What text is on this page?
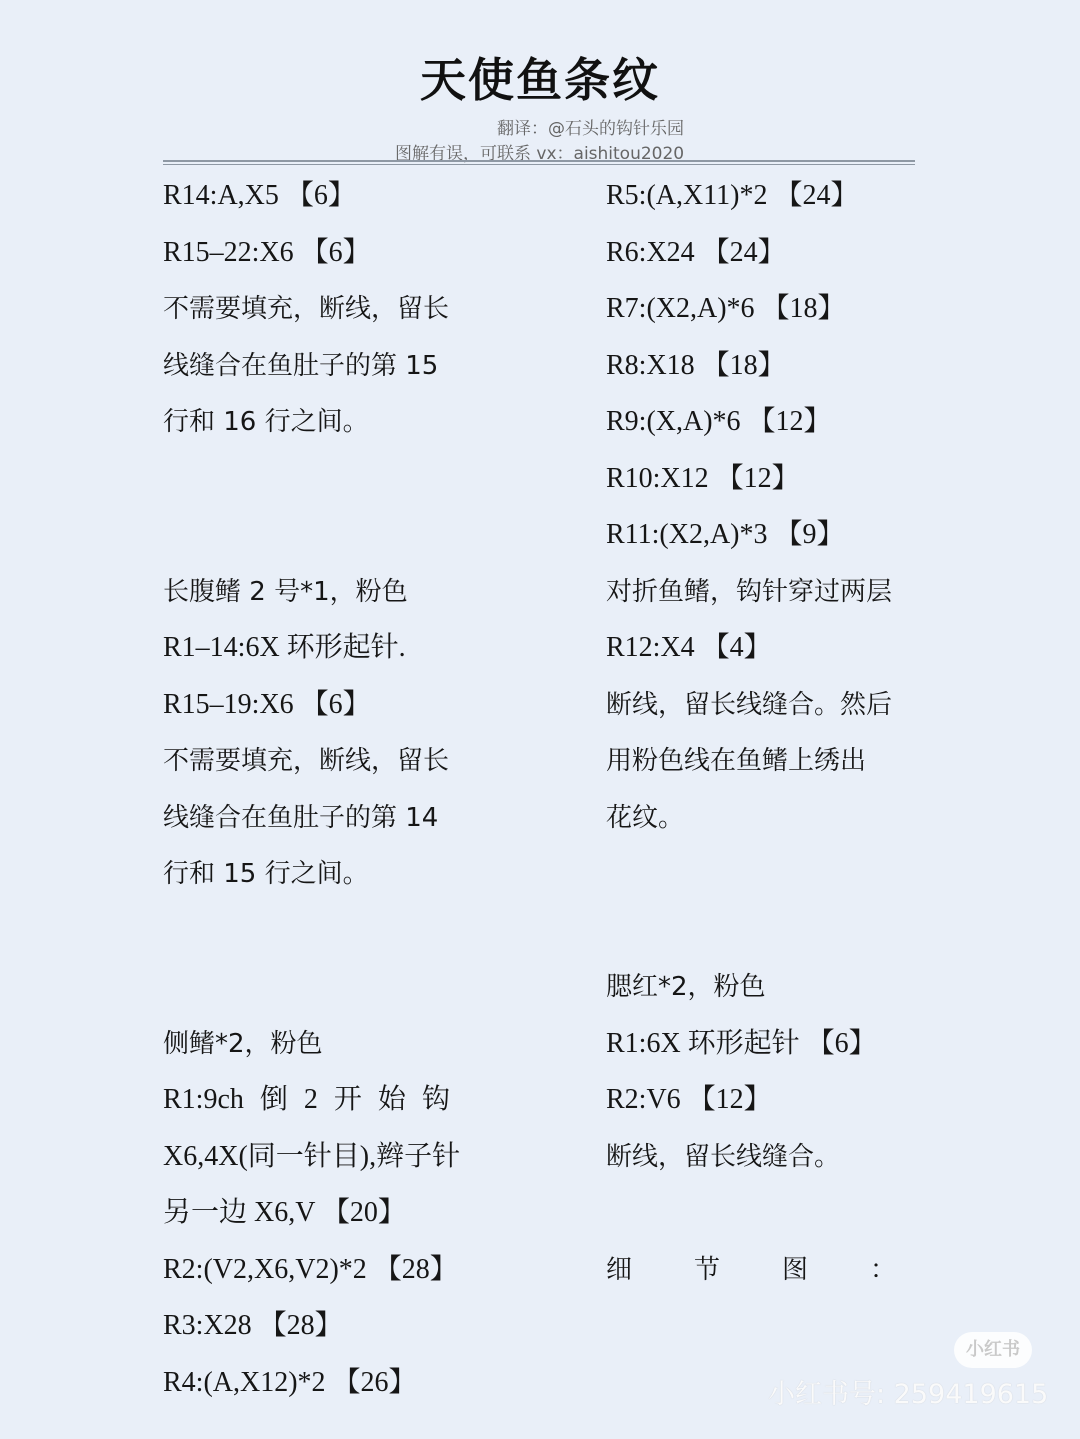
天使鱼条纹
翻译：@石头的钩针乐园
图解有误，可联系 vx：aishitou2020
R14:A,X5 【6】
R15–22:X6 【6】
不需要填充，断线，留长
线缝合在鱼肚子的第 15
行和 16 行之间。
长腹鳍 2 号*1，粉色
R1–14:6X 环形起针.
R15–19:X6 【6】
不需要填充，断线，留长
线缝合在鱼肚子的第 14
行和 15 行之间。
侧鳍*2，粉色
R1:9ch 倒 2 开 始 钩
X6,4X(同一针目),辫子针
另一边 X6,V 【20】
R2:(V2,X6,V2)*2 【28】
R3:X28 【28】
R4:(A,X12)*2 【26】
R5:(A,X11)*2 【24】
R6:X24 【24】
R7:(X2,A)*6 【18】
R8:X18 【18】
R9:(X,A)*6 【12】
R10:X12 【12】
R11:(X2,A)*3 【9】
对折鱼鳍，钩针穿过两层
R12:X4 【4】
断线，留长线缝合。然后
用粉色线在鱼鳍上绣出
花纹。
腮红*2，粉色
R1:6X 环形起针 【6】
R2:V6 【12】
断线，留长线缝合。
细 节 图 ：
小红书
小红书号: 259419615
